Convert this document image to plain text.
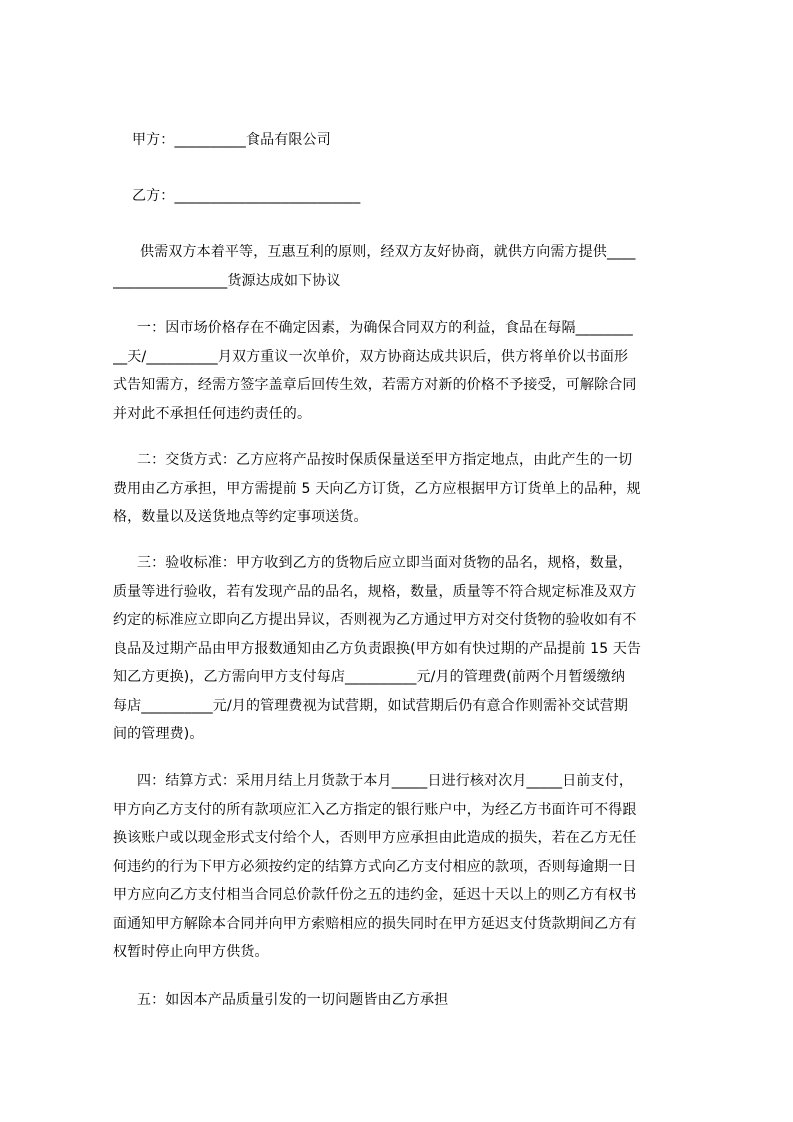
甲方：__________食品有限公司
乙方：__________________________
供需双方本着平等，互惠互利的原则，经双方友好协商，就供方向需方提供____
________________货源达成如下协议
一：因市场价格存在不确定因素，为确保合同双方的利益，食品在每隔________
__天/__________月双方重议一次单价，双方协商达成共识后，供方将单价以书面形
式告知需方，经需方签字盖章后回传生效，若需方对新的价格不予接受，可解除合同
并对此不承担任何违约责任的。
二：交货方式：乙方应将产品按时保质保量送至甲方指定地点，由此产生的一切
费用由乙方承担，甲方需提前 5 天向乙方订货，乙方应根据甲方订货单上的品种，规
格，数量以及送货地点等约定事项送货。
三：验收标准：甲方收到乙方的货物后应立即当面对货物的品名，规格，数量，
质量等进行验收，若有发现产品的品名，规格，数量，质量等不符合规定标准及双方
约定的标准应立即向乙方提出异议，否则视为乙方通过甲方对交付货物的验收如有不
良品及过期产品由甲方报数通知由乙方负责跟换(甲方如有快过期的产品提前 15 天告
知乙方更换)，乙方需向甲方支付每店__________元/月的管理费(前两个月暂缓缴纳
每店__________元/月的管理费视为试营期，如试营期后仍有意合作则需补交试营期
间的管理费)。
四：结算方式：采用月结上月货款于本月_____日进行核对次月_____日前支付，
甲方向乙方支付的所有款项应汇入乙方指定的银行账户中，为经乙方书面许可不得跟
换该账户或以现金形式支付给个人，否则甲方应承担由此造成的损失，若在乙方无任
何违约的行为下甲方必须按约定的结算方式向乙方支付相应的款项，否则每逾期一日
甲方应向乙方支付相当合同总价款仟份之五的违约金，延迟十天以上的则乙方有权书
面通知甲方解除本合同并向甲方索赔相应的损失同时在甲方延迟支付货款期间乙方有
权暂时停止向甲方供货。
五：如因本产品质量引发的一切问题皆由乙方承担
